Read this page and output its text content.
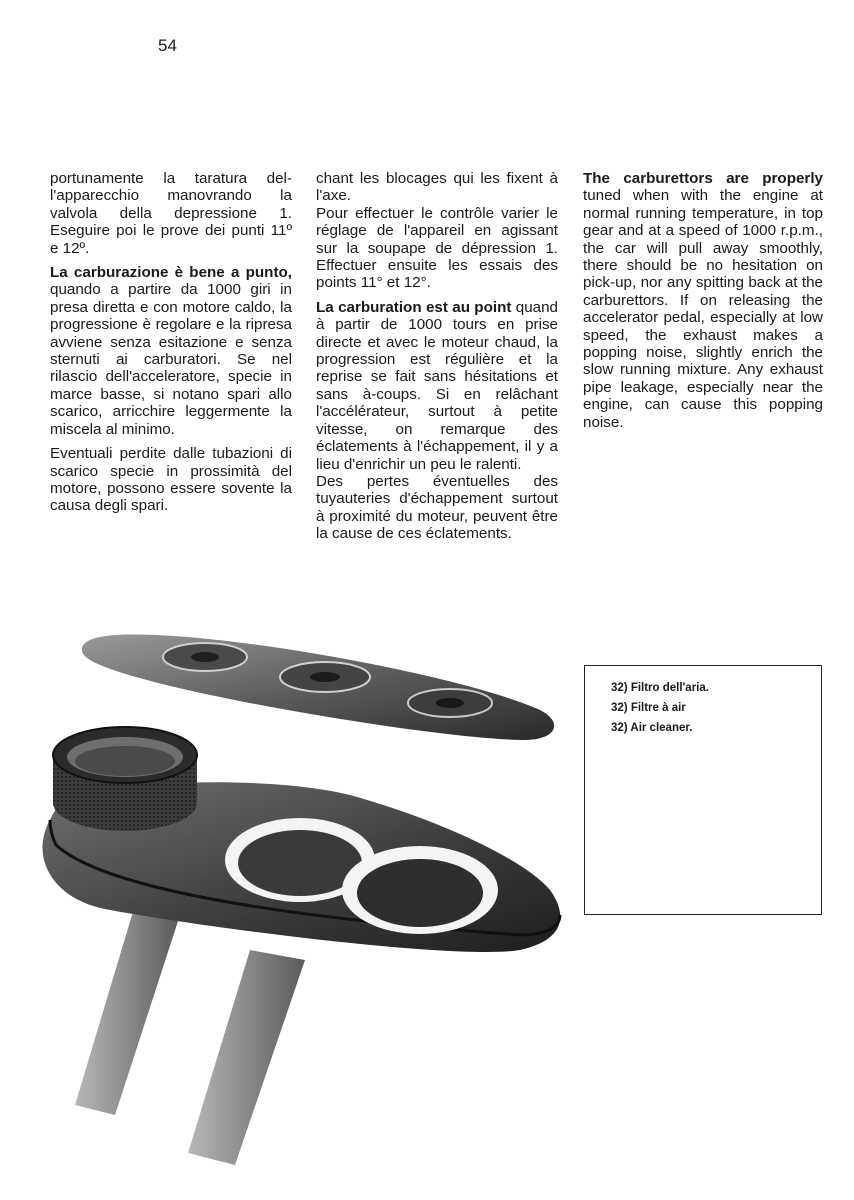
54

portunamente la taratura del-l'apparecchio manovrando la valvola della depressione 1. Eseguire poi le prove dei punti 11º e 12º.

La carburazione è bene a punto, quando a partire da 1000 giri in presa diretta e con motore caldo, la progressione è regolare e la ripresa avviene senza esitazione e senza sternuti ai carburatori. Se nel rilascio dell'acceleratore, specie in marce basse, si notano spari allo scarico, arricchire leggermente la miscela al minimo.

Eventuali perdite dalle tubazioni di scarico specie in prossimità del motore, possono essere sovente la causa degli spari.

chant les blocages qui les fixent à l'axe.

Pour effectuer le contrôle varier le réglage de l'appareil en agissant sur la soupape de dépression 1. Effectuer ensuite les essais des points 11° et 12°.

La carburation est au point quand à partir de 1000 tours en prise directe et avec le moteur chaud, la progression est régulière et la reprise se fait sans hésitations et sans à-coups. Si en relâchant l'accélérateur, surtout à petite vitesse, on remarque des éclatements à l'échappement, il y a lieu d'enrichir un peu le ralenti.

Des pertes éventuelles des tuyauteries d'échappement surtout à proximité du moteur, peuvent être la cause de ces éclatements.

The carburettors are properly tuned when with the engine at normal running temperature, in top gear and at a speed of 1000 r.p.m., the car will pull away smoothly, there should be no hesitation on pick-up, nor any spitting back at the carburettors. If on releasing the accelerator pedal, especially at low speed, the exhaust makes a popping noise, slightly enrich the slow running mixture. Any exhaust pipe leakage, especially near the engine, can cause this popping noise.

32) Filtro dell'aria.
32) Filtre à air
32) Air cleaner.
